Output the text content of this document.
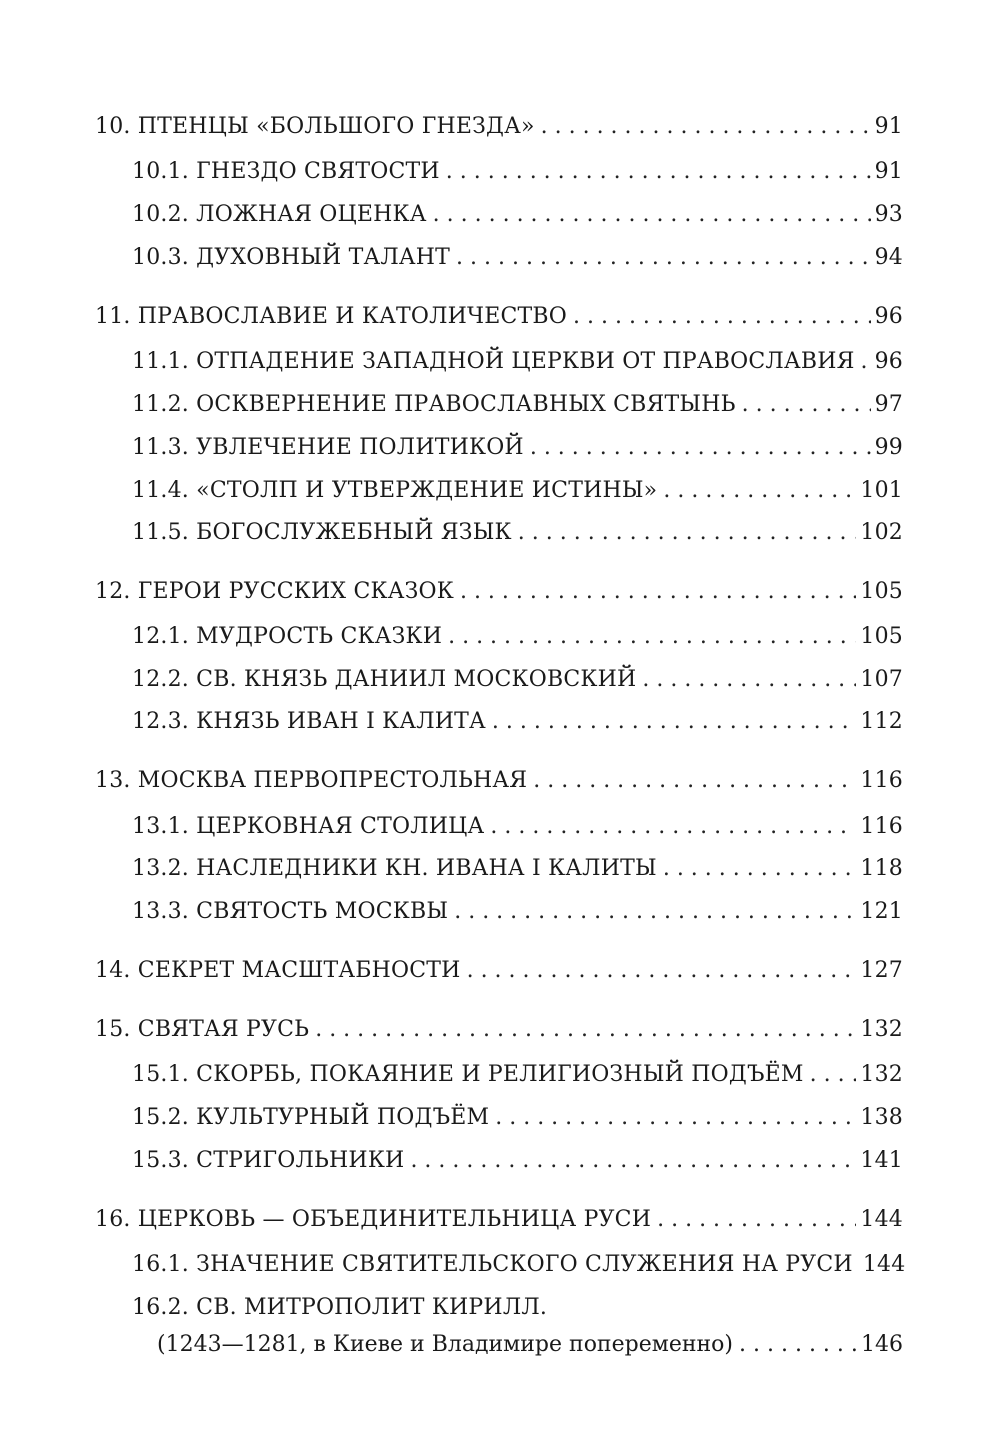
10. ПТЕНЦЫ «БОЛЬШОГО ГНЕЗДА» . . .	91
10.1. ГНЕЗДО СВЯТОСТИ . . .	91
10.2. ЛОЖНАЯ ОЦЕНКА . . .	93
10.3. ДУХОВНЫЙ ТАЛАНТ . . .	94
11. ПРАВОСЛАВИЕ И КАТОЛИЧЕСТВО . . .	96
11.1. ОТПАДЕНИЕ ЗАПАДНОЙ ЦЕРКВИ ОТ ПРАВОСЛАВИЯ . . . 96
11.2. ОСКВЕРНЕНИЕ ПРАВОСЛАВНЫХ СВЯТЫНЬ . . .	97
11.3. УВЛЕЧЕНИЕ ПОЛИТИКОЙ . . .	99
11.4. «СТОЛП И УТВЕРЖДЕНИЕ ИСТИНЫ» . . .	101
11.5. БОГОСЛУЖЕБНЫЙ ЯЗЫК . . .	102
12. ГЕРОИ РУССКИХ СКАЗОК . . .	105
12.1. МУДРОСТЬ СКАЗКИ . . .	105
12.2. СВ. КНЯЗЬ ДАНИИЛ МОСКОВСКИЙ . . .	107
12.3. КНЯЗЬ ИВАН I КАЛИТА . . .	112
13. МОСКВА ПЕРВОПРЕСТОЛЬНАЯ . . .	116
13.1. ЦЕРКОВНАЯ СТОЛИЦА . . .	116
13.2. НАСЛЕДНИКИ КН. ИВАНА I КАЛИТЫ . . .	118
13.3. СВЯТОСТЬ МОСКВЫ . . .	121
14. СЕКРЕТ МАСШТАБНОСТИ . . .	127
15. СВЯТАЯ РУСЬ . . .	132
15.1. СКОРБЬ, ПОКАЯНИЕ И РЕЛИГИОЗНЫЙ ПОДЪЁМ . . .	132
15.2. КУЛЬТУРНЫЙ ПОДЪЁМ . . .	138
15.3. СТРИГОЛЬНИКИ . . .	141
16. ЦЕРКОВЬ — ОБЪЕДИНИТЕЛЬНИЦА РУСИ . . .	144
16.1. ЗНАЧЕНИЕ СВЯТИТЕЛЬСКОГО СЛУЖЕНИЯ НА РУСИ 144
16.2. СВ. МИТРОПОЛИТ КИРИЛЛ.
(1243—1281, в Киеве и Владимире попеременно) . . .	146
